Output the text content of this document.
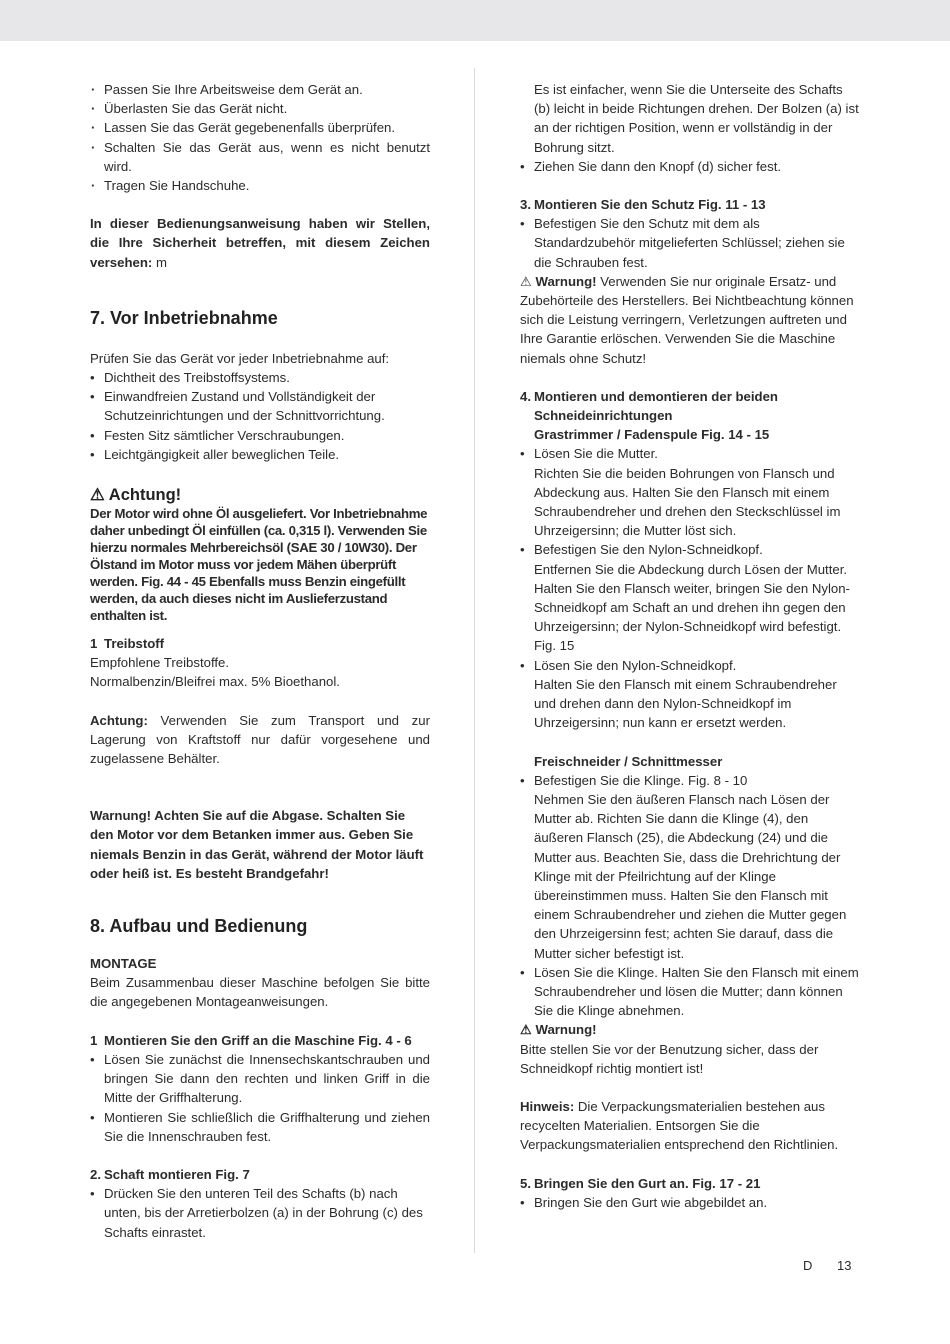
· Passen Sie Ihre Arbeitsweise dem Gerät an.
· Überlasten Sie das Gerät nicht.
· Lassen Sie das Gerät gegebenenfalls überprüfen.
· Schalten Sie das Gerät aus, wenn es nicht benutzt wird.
· Tragen Sie Handschuhe.

In dieser Bedienungsanweisung haben wir Stellen, die Ihre Sicherheit betreffen, mit diesem Zeichen versehen: m

7. Vor Inbetriebnahme

Prüfen Sie das Gerät vor jeder Inbetriebnahme auf:

• Dichtheit des Treibstoffsystems.
• Einwandfreien Zustand und Vollständigkeit der Schutzeinrichtungen und der Schnittvorrichtung.
• Festen Sitz sämtlicher Verschraubungen.
• Leichtgängigkeit aller beweglichen Teile.
⚠ Achtung!

Der Motor wird ohne Öl ausgeliefert. Vor Inbetriebnahme daher unbedingt Öl einfüllen (ca. 0,315 l). Verwenden Sie hierzu normales Mehrbereichsöl (SAE 30 / 10W30). Der Ölstand im Motor muss vor jedem Mähen überprüft werden. Fig. 44 - 45 Ebenfalls muss Benzin eingefüllt werden, da auch dieses nicht im Auslieferzustand enthalten ist.

1 Treibstoff

Empfohlene Treibstoffe.

Normalbenzin/Bleifrei max. 5% Bioethanol.

Achtung: Verwenden Sie zum Transport und zur Lagerung von Kraftstoff nur dafür vorgesehene und zugelassene Behälter.

Warnung! Achten Sie auf die Abgase. Schalten Sie den Motor vor dem Betanken immer aus. Geben Sie niemals Benzin in das Gerät, während der Motor läuft oder heiß ist. Es besteht Brandgefahr!

8. Aufbau und Bedienung

MONTAGE

Beim Zusammenbau dieser Maschine befolgen Sie bitte die angegebenen Montageanweisungen.

1 Montieren Sie den Griff an die Maschine Fig. 4 - 6
• Lösen Sie zunächst die Innensechskantschrauben und bringen Sie dann den rechten und linken Griff in die Mitte der Griffhalterung.
• Montieren Sie schließlich die Griffhalterung und ziehen Sie die Innenschrauben fest.
2. Schaft montieren Fig. 7
• Drücken Sie den unteren Teil des Schafts (b) nach unten, bis der Arretierbolzen (a) in der Bohrung (c) des Schafts einrastet.

Es ist einfacher, wenn Sie die Unterseite des Schafts (b) leicht in beide Richtungen drehen. Der Bolzen (a) ist an der richtigen Position, wenn er vollständig in der Bohrung sitzt.

• Ziehen Sie dann den Knopf (d) sicher fest.
3. Montieren Sie den Schutz Fig. 11 - 13
• Befestigen Sie den Schutz mit dem als Standardzubehör mitgelieferten Schlüssel; ziehen sie die Schrauben fest.

⚠ Warnung! Verwenden Sie nur originale Ersatz- und Zubehörteile des Herstellers. Bei Nichtbeachtung können sich die Leistung verringern, Verletzungen auftreten und Ihre Garantie erlöschen. Verwenden Sie die Maschine niemals ohne Schutz!

4. Montieren und demontieren der beiden Schneideinrichtungen

Grastrimmer / Fadenspule Fig. 14 - 15

• Lösen Sie die Mutter.
Richten Sie die beiden Bohrungen von Flansch und Abdeckung aus. Halten Sie den Flansch mit einem Schraubendreher und drehen den Steckschlüssel im Uhrzeigersinn; die Mutter löst sich.
• Befestigen Sie den Nylon-Schneidkopf.
Entfernen Sie die Abdeckung durch Lösen der Mutter. Halten Sie den Flansch weiter, bringen Sie den Nylon-Schneidkopf am Schaft an und drehen ihn gegen den Uhrzeigersinn; der Nylon-Schneidkopf wird befestigt. Fig. 15
• Lösen Sie den Nylon-Schneidkopf.
Halten Sie den Flansch mit einem Schraubendreher und drehen dann den Nylon-Schneidkopf im Uhrzeigersinn; nun kann er ersetzt werden.

Freischneider / Schnittmesser

• Befestigen Sie die Klinge. Fig. 8 - 10
Nehmen Sie den äußeren Flansch nach Lösen der Mutter ab. Richten Sie dann die Klinge (4), den äußeren Flansch (25), die Abdeckung (24) und die Mutter aus. Beachten Sie, dass die Drehrichtung der Klinge mit der Pfeilrichtung auf der Klinge übereinstimmen muss. Halten Sie den Flansch mit einem Schraubendreher und ziehen die Mutter gegen den Uhrzeigersinn fest; achten Sie darauf, dass die Mutter sicher befestigt ist.
• Lösen Sie die Klinge. Halten Sie den Flansch mit einem Schraubendreher und lösen die Mutter; dann können Sie die Klinge abnehmen.

⚠ Warnung!

Bitte stellen Sie vor der Benutzung sicher, dass der Schneidkopf richtig montiert ist!

Hinweis: Die Verpackungsmaterialien bestehen aus recycelten Materialien. Entsorgen Sie die Verpackungsmaterialien entsprechend den Richtlinien.

5. Bringen Sie den Gurt an. Fig. 17 - 21
• Bringen Sie den Gurt wie abgebildet an.
D 13
